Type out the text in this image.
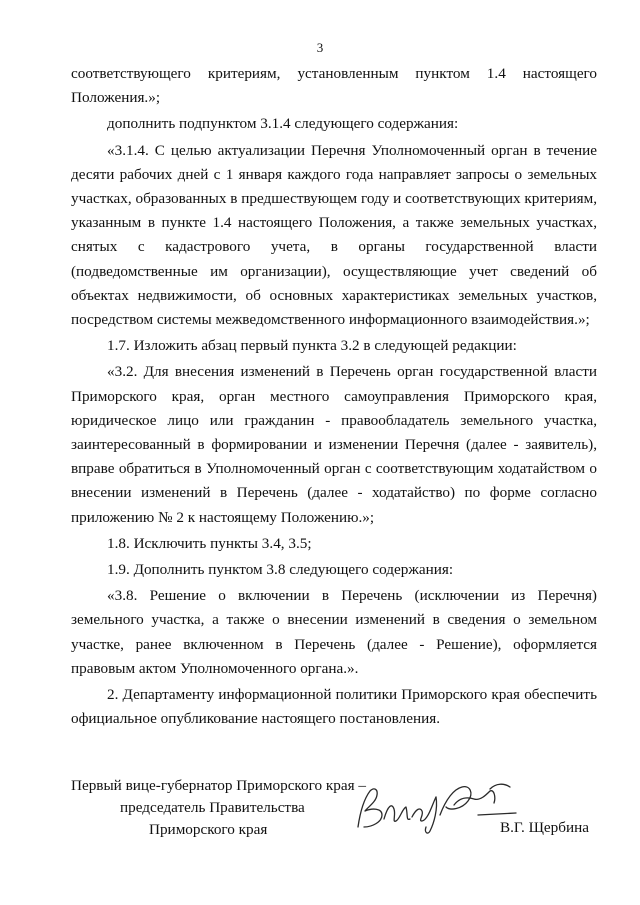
3

соответствующего критериям, установленным пунктом 1.4 настоящего Положения.»;

дополнить подпунктом 3.1.4 следующего содержания:

«3.1.4. С целью актуализации Перечня Уполномоченный орган в течение десяти рабочих дней с 1 января каждого года направляет запросы о земельных участках, образованных в предшествующем году и соответствующих критериям, указанным в пункте 1.4 настоящего Положения, а также земельных участках, снятых с кадастрового учета, в органы государственной власти (подведомственные им организации), осуществляющие учет сведений об объектах недвижимости, об основных характеристиках земельных участков, посредством системы межведомственного информационного взаимодействия.»;

1.7. Изложить абзац первый пункта 3.2 в следующей редакции:

«3.2. Для внесения изменений в Перечень орган государственной власти Приморского края, орган местного самоуправления Приморского края, юридическое лицо или гражданин - правообладатель земельного участка, заинтересованный в формировании и изменении Перечня (далее - заявитель), вправе обратиться в Уполномоченный орган с соответствующим ходатайством о внесении изменений в Перечень (далее - ходатайство) по форме согласно приложению № 2 к настоящему Положению.»;

1.8. Исключить пункты 3.4, 3.5;

1.9. Дополнить пунктом 3.8 следующего содержания:

«3.8. Решение о включении в Перечень (исключении из Перечня) земельного участка, а также о внесении изменений в сведения о земельном участке, ранее включенном в Перечень (далее - Решение), оформляется правовым актом Уполномоченного органа.».

2. Департаменту информационной политики Приморского края обеспечить официальное опубликование настоящего постановления.

Первый вице-губернатор Приморского края –
председатель Правительства
Приморского края	В.Г. Щербина
